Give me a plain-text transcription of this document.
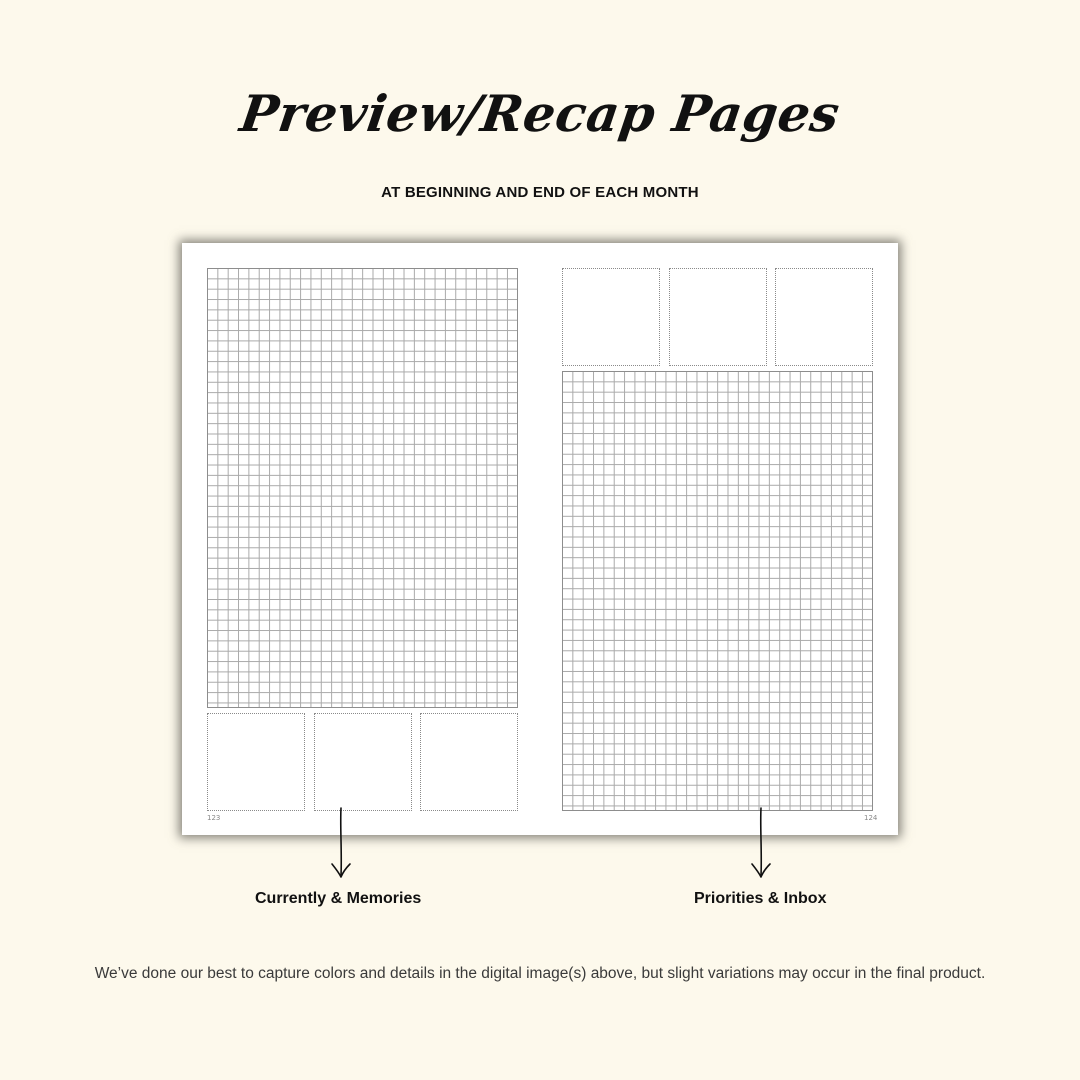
Preview/Recap Pages
AT BEGINNING AND END OF EACH MONTH
123	124
Currently & Memories	Priorities & Inbox
We’ve done our best to capture colors and details in the digital image(s) above, but slight variations may occur in the final product.
